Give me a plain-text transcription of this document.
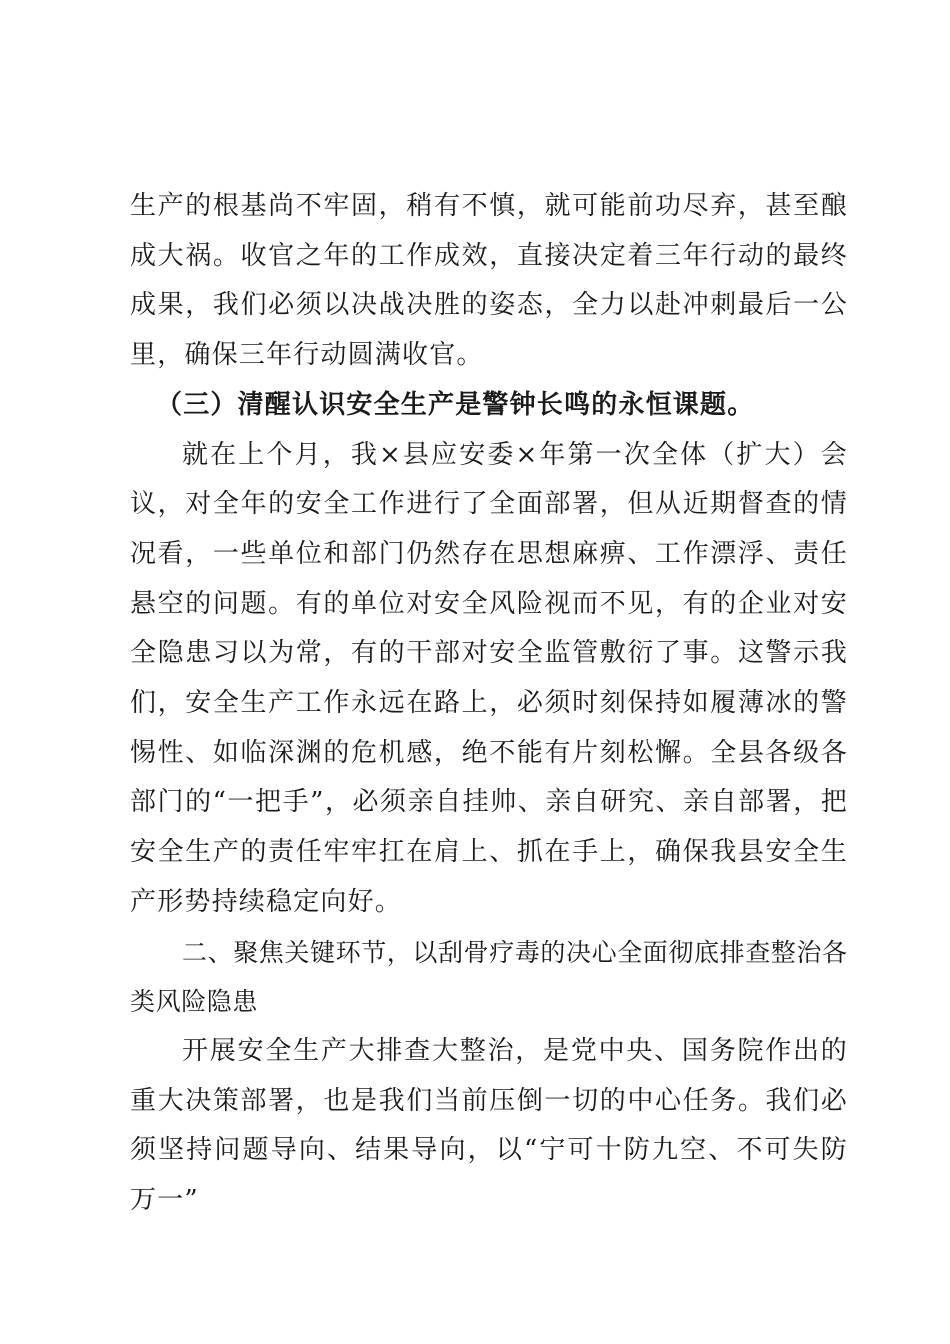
生产的根基尚不牢固，稍有不慎，就可能前功尽弃，甚至酿成大祸。收官之年的工作成效，直接决定着三年行动的最终成果，我们必须以决战决胜的姿态，全力以赴冲刺最后一公里，确保三年行动圆满收官。

（三）清醒认识安全生产是警钟长鸣的永恒课题。

就在上个月，我×县应安委×年第一次全体（扩大）会议，对全年的安全工作进行了全面部署，但从近期督查的情况看，一些单位和部门仍然存在思想麻痹、工作漂浮、责任悬空的问题。有的单位对安全风险视而不见，有的企业对安全隐患习以为常，有的干部对安全监管敷衍了事。这警示我们，安全生产工作永远在路上，必须时刻保持如履薄冰的警惕性、如临深渊的危机感，绝不能有片刻松懈。全县各级各部门的“一把手”，必须亲自挂帅、亲自研究、亲自部署，把安全生产的责任牢牢扛在肩上、抓在手上，确保我县安全生产形势持续稳定向好。

二、聚焦关键环节，以刮骨疗毒的决心全面彻底排查整治各类风险隐患

开展安全生产大排查大整治，是党中央、国务院作出的重大决策部署，也是我们当前压倒一切的中心任务。我们必须坚持问题导向、结果导向，以“宁可十防九空、不可失防万一”
